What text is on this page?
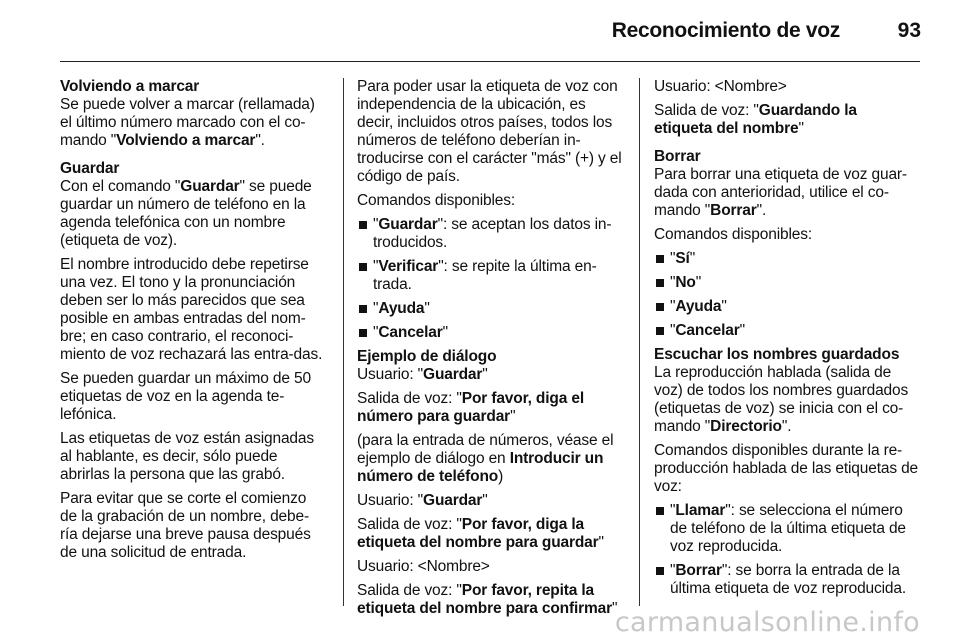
Reconocimiento de voz	93

Volviendo a marcar

Se puede volver a marcar (rellamada) el último número marcado con el co-mando "Volviendo a marcar".

Guardar

Con el comando "Guardar" se puede guardar un número de teléfono en la agenda telefónica con un nombre (etiqueta de voz).

El nombre introducido debe repetirse una vez. El tono y la pronunciación deben ser lo más parecidos que sea posible en ambas entradas del nom-bre; en caso contrario, el reconoci-miento de voz rechazará las entra-das.

Se pueden guardar un máximo de 50 etiquetas de voz en la agenda te-lefónica.

Las etiquetas de voz están asignadas al hablante, es decir, sólo puede abrirlas la persona que las grabó.

Para evitar que se corte el comienzo de la grabación de un nombre, debe-ría dejarse una breve pausa después de una solicitud de entrada.

Para poder usar la etiqueta de voz con independencia de la ubicación, es decir, incluidos otros países, todos los números de teléfono deberían in-troducirse con el carácter "más" (+) y el código de país.

Comandos disponibles:

"Guardar": se aceptan los datos in-troducidos.
"Verificar": se repite la última en-trada.
"Ayuda"
"Cancelar"

Ejemplo de diálogo

Usuario: "Guardar"

Salida de voz: "Por favor, diga el número para guardar"

(para la entrada de números, véase el ejemplo de diálogo en Introducir un número de teléfono)

Usuario: "Guardar"

Salida de voz: "Por favor, diga la etiqueta del nombre para guardar"

Usuario: <Nombre>

Salida de voz: "Por favor, repita la etiqueta del nombre para confirmar"

Usuario: <Nombre>

Salida de voz: "Guardando la etiqueta del nombre"

Borrar

Para borrar una etiqueta de voz guar-dada con anterioridad, utilice el co-mando "Borrar".

Comandos disponibles:

"Sí"
"No"
"Ayuda"
"Cancelar"

Escuchar los nombres guardados

La reproducción hablada (salida de voz) de todos los nombres guardados (etiquetas de voz) se inicia con el co-mando "Directorio".

Comandos disponibles durante la re-producción hablada de las etiquetas de voz:

"Llamar": se selecciona el número de teléfono de la última etiqueta de voz reproducida.
"Borrar": se borra la entrada de la última etiqueta de voz reproducida.
carmanualsonline.info
